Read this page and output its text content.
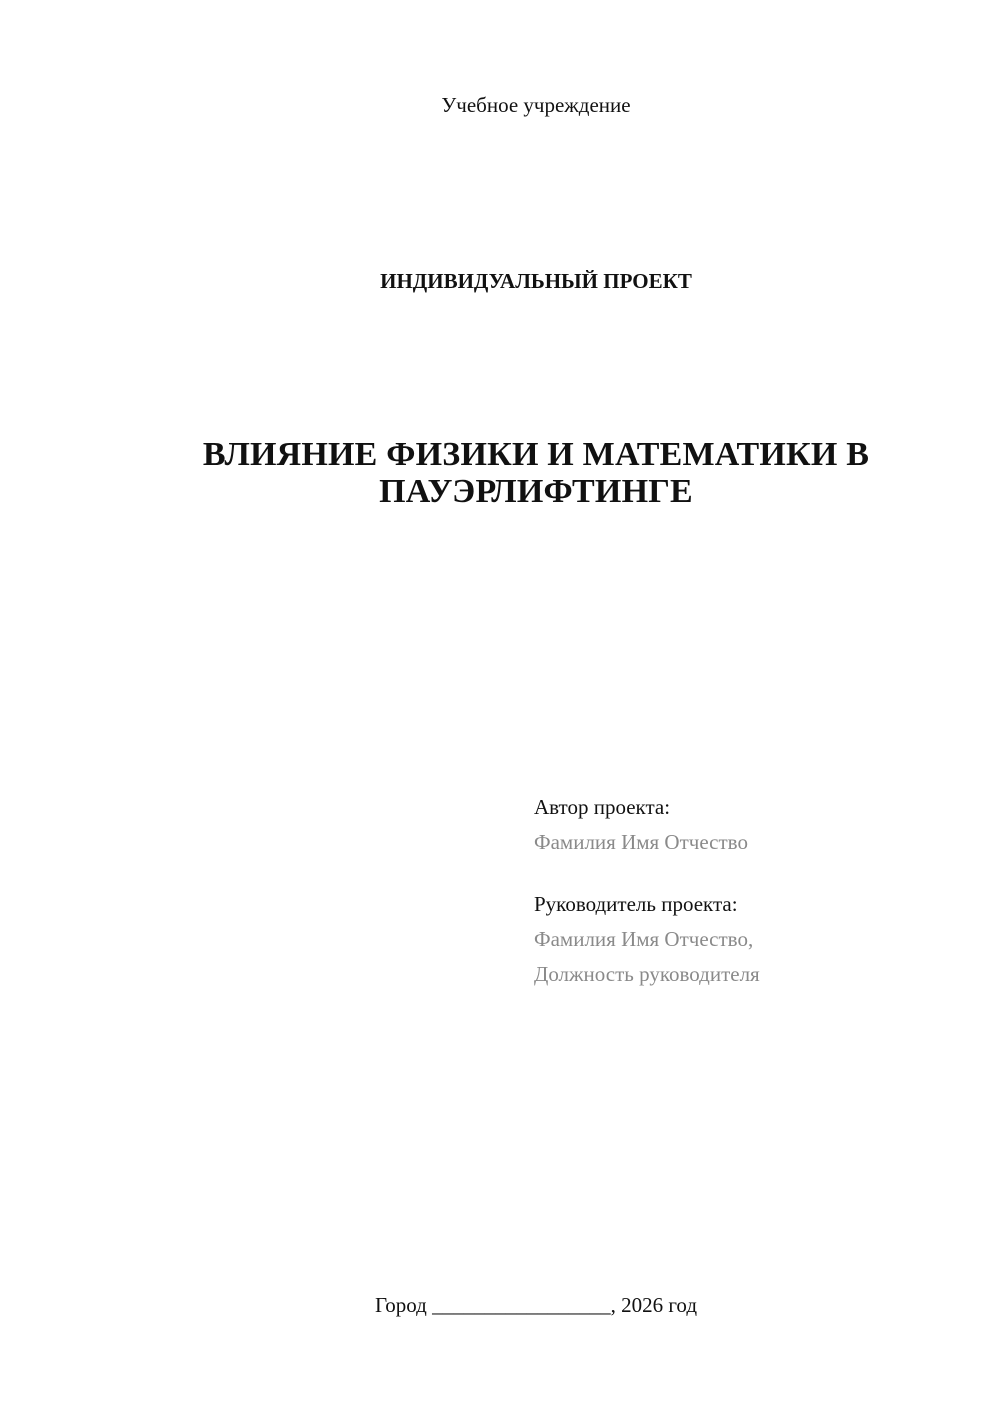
Учебное учреждение
ИНДИВИДУАЛЬНЫЙ ПРОЕКТ
ВЛИЯНИЕ ФИЗИКИ И МАТЕМАТИКИ В
ПАУЭРЛИФТИНГЕ
Автор проекта:
Фамилия Имя Отчество
Руководитель проекта:
Фамилия Имя Отчество,
Должность руководителя
Город _________________, 2026 год
